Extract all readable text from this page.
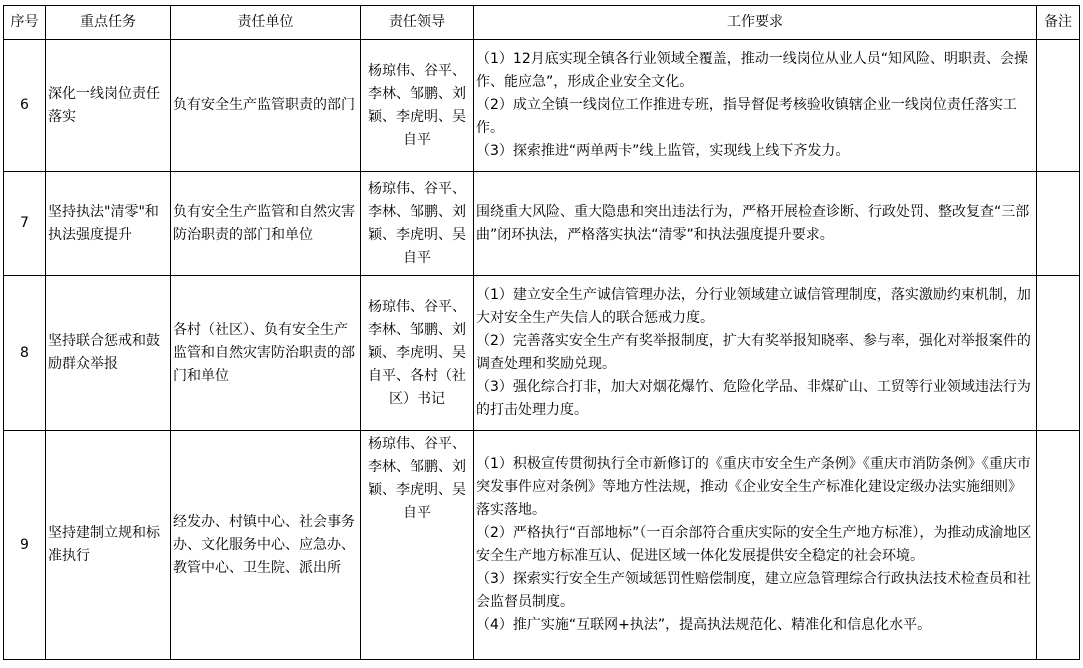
序号	重点任务	责任单位	责任领导	工作要求	备注
6	深化一线岗位责任落实	负有安全生产监管职责的部门	杨琼伟、谷平、李林、邹鹏、刘颖、李虎明、吴自平	（1）12月底实现全镇各行业领域全覆盖，推动一线岗位从业人员“知风险、明职责、会操作、能应急”，形成企业安全文化。
（2）成立全镇一线岗位工作推进专班，指导督促考核验收镇辖企业一线岗位责任落实工作。
（3）探索推进“两单两卡”线上监管，实现线上线下齐发力。	

7	坚持执法"清零"和执法强度提升	负有安全生产监管和自然灾害防治职责的部门和单位	杨琼伟、谷平、李林、邹鹏、刘颖、李虎明、吴自平	围绕重大风险、重大隐患和突出违法行为，严格开展检查诊断、行政处罚、整改复查“三部曲”闭环执法，严格落实执法“清零”和执法强度提升要求。	

8	坚持联合惩戒和鼓励群众举报	各村（社区）、负有安全生产监管和自然灾害防治职责的部门和单位	杨琼伟、谷平、李林、邹鹏、刘颖、李虎明、吴自平、各村（社区）书记	（1）建立安全生产诚信管理办法，分行业领域建立诚信管理制度，落实激励约束机制，加大对安全生产失信人的联合惩戒力度。
（2）完善落实安全生产有奖举报制度，扩大有奖举报知晓率、参与率，强化对举报案件的调查处理和奖励兑现。
（3）强化综合打非，加大对烟花爆竹、危险化学品、非煤矿山、工贸等行业领域违法行为的打击处理力度。	

9	坚持建制立规和标准执行	经发办、村镇中心、社会事务办、文化服务中心、应急办、教管中心、卫生院、派出所	杨琼伟、谷平、李林、邹鹏、刘颖、李虎明、吴自平	（1）积极宣传贯彻执行全市新修订的《重庆市安全生产条例》《重庆市消防条例》《重庆市突发事件应对条例》等地方性法规，推动《企业安全生产标准化建设定级办法实施细则》落实落地。
（2）严格执行“百部地标”（一百余部符合重庆实际的安全生产地方标准），为推动成渝地区安全生产地方标准互认、促进区域一体化发展提供安全稳定的社会环境。
（3）探索实行安全生产领域惩罚性赔偿制度，建立应急管理综合行政执法技术检查员和社会监督员制度。
（4）推广实施“互联网+执法”，提高执法规范化、精准化和信息化水平。	
